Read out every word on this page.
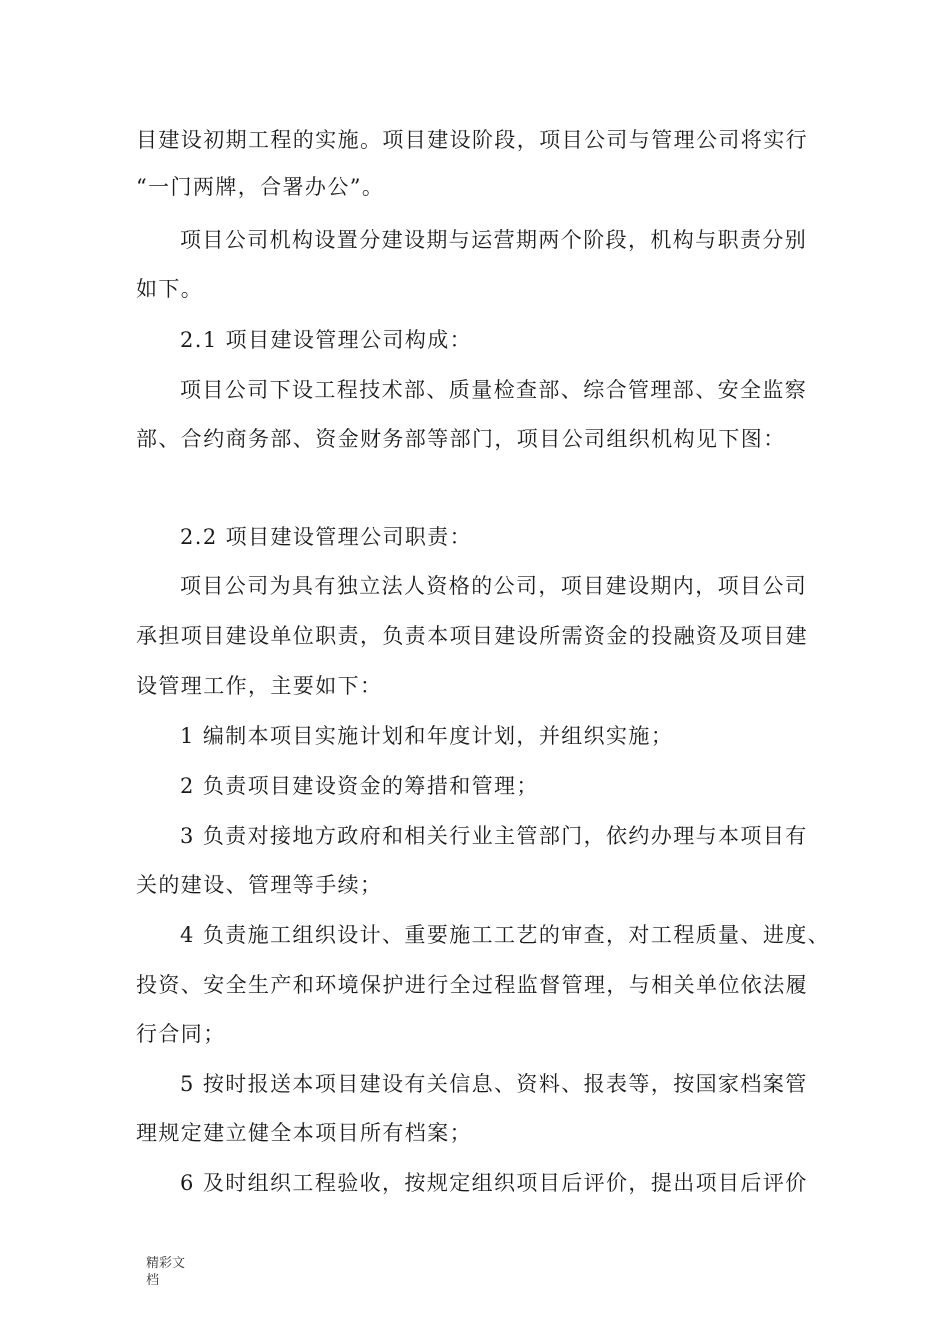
目建设初期工程的实施。项目建设阶段，项目公司与管理公司将实行
“一门两牌，合署办公”。
项目公司机构设置分建设期与运营期两个阶段，机构与职责分别
如下。
2.1 项目建设管理公司构成：
项目公司下设工程技术部、质量检查部、综合管理部、安全监察
部、合约商务部、资金财务部等部门，项目公司组织机构见下图：
2.2 项目建设管理公司职责：
项目公司为具有独立法人资格的公司，项目建设期内，项目公司
承担项目建设单位职责，负责本项目建设所需资金的投融资及项目建
设管理工作，主要如下：
1 编制本项目实施计划和年度计划，并组织实施；
2 负责项目建设资金的筹措和管理；
3 负责对接地方政府和相关行业主管部门，依约办理与本项目有
关的建设、管理等手续；
4 负责施工组织设计、重要施工工艺的审查，对工程质量、进度、
投资、安全生产和环境保护进行全过程监督管理，与相关单位依法履
行合同；
5 按时报送本项目建设有关信息、资料、报表等，按国家档案管
理规定建立健全本项目所有档案；
6 及时组织工程验收，按规定组织项目后评价，提出项目后评价
精彩文
档
